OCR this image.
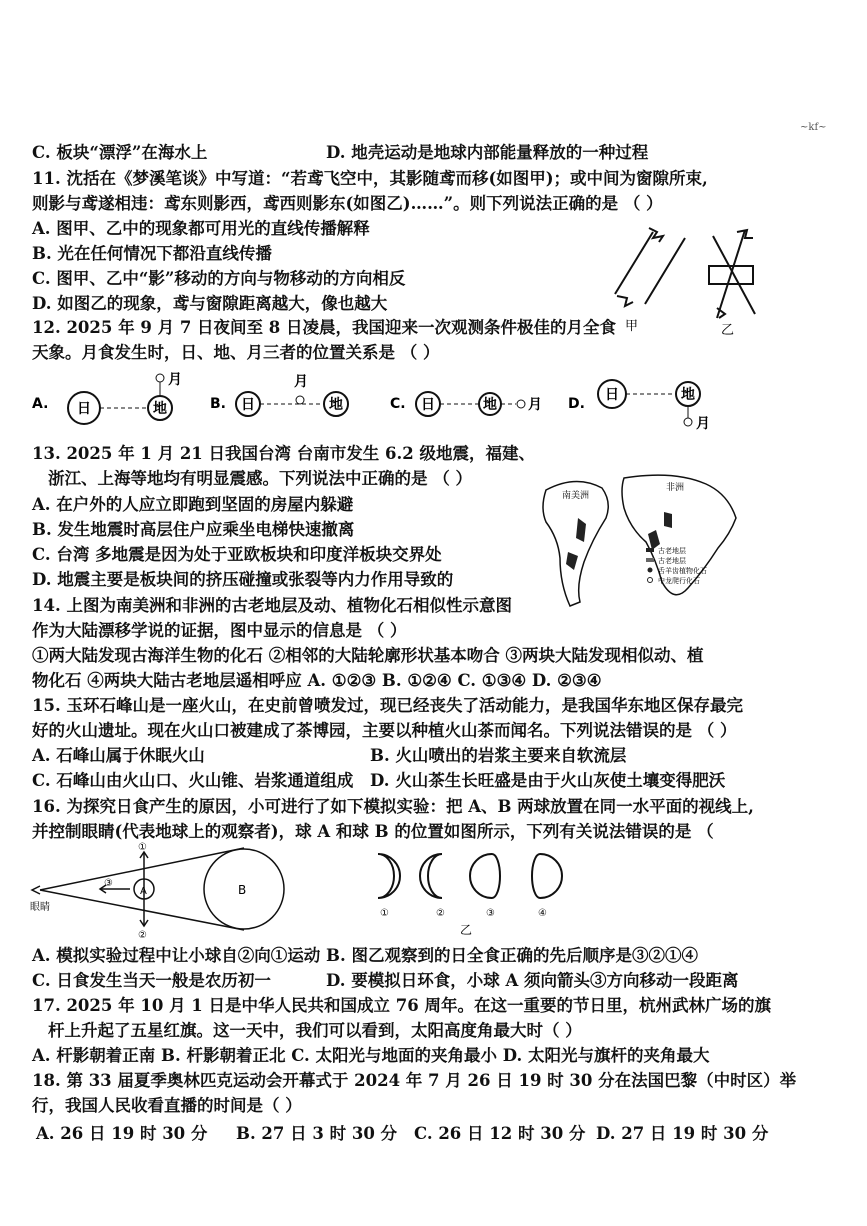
~kf~
C. 板块“漂浮”在海水上	D. 地壳运动是地球内部能量释放的一种过程
11. 沈括在《梦溪笔谈》中写道：“若鸢飞空中，其影随鸢而移(如图甲)；或中间为窗隙所束,
则影与鸢遂相违：鸢东则影西，鸢西则影东(如图乙)……”。则下列说法正确的是 （ ）
A. 图甲、乙中的现象都可用光的直线传播解释
B. 光在任何情况下都沿直线传播
C. 图甲、乙中“影”移动的方向与物移动的方向相反
D. 如图乙的现象，鸢与窗隙距离越大，像也越大
甲	乙
12. 2025 年 9 月 7 日夜间至 8 日凌晨，我国迎来一次观测条件极佳的月全食
天象。月食发生时，日、地、月三者的位置关系是 （ ）
A. 日	地
月
B. 日
月
地	C. 日	地 月 D.
日	地
月
13. 2025 年 1 月 21 日我国台湾 台南市发生 6.2 级地震，福建、
浙江、上海等地均有明显震感。下列说法中正确的是 （ ）
A. 在户外的人应立即跑到坚固的房屋内躲避
B. 发生地震时高层住户应乘坐电梯快速撤离
C. 台湾 多地震是因为处于亚欧板块和印度洋板块交界处
D. 地震主要是板块间的挤压碰撞或张裂等内力作用导致的
南美洲
非洲
古老地层
古老地层
舌羊齿植物化石
中龙爬行化石
14. 上图为南美洲和非洲的古老地层及动、植物化石相似性示意图
作为大陆漂移学说的证据，图中显示的信息是 （ ）
①两大陆发现古海洋生物的化石 ②相邻的大陆轮廓形状基本吻合 ③两块大陆发现相似动、植
物化石 ④两块大陆古老地层遥相呼应 A. ①②③ B. ①②④ C. ①③④ D. ②③④
15. 玉环石峰山是一座火山，在史前曾喷发过，现已经丧失了活动能力，是我国华东地区保存最完
好的火山遗址。现在火山口被建成了茶博园，主要以种植火山茶而闻名。下列说法错误的是 （ ）
A. 石峰山属于休眠火山	B. 火山喷出的岩浆主要来自软流层
C. 石峰山由火山口、火山锥、岩浆通道组成 D. 火山茶生长旺盛是由于火山灰使土壤变得肥沃
16. 为探究日食产生的原因，小可进行了如下模拟实验：把 A、B 两球放置在同一水平面的视线上,
并控制眼睛(代表地球上的观察者)，球 A 和球 B 的位置如图所示，下列有关说法错误的是 （
A	B
①
②
③
眼睛
①	②	③	④
乙
A. 模拟实验过程中让小球自②向①运动 B. 图乙观察到的日全食正确的先后顺序是③②①④
C. 日食发生当天一般是农历初一	D. 要模拟日环食，小球 A 须向箭头③方向移动一段距离
17. 2025 年 10 月 1 日是中华人民共和国成立 76 周年。在这一重要的节日里，杭州武林广场的旗
杆上升起了五星红旗。这一天中，我们可以看到，太阳高度角最大时（ ）
A. 杆影朝着正南 B. 杆影朝着正北 C. 太阳光与地面的夹角最小 D. 太阳光与旗杆的夹角最大
18. 第 33 届夏季奥林匹克运动会开幕式于 2024 年 7 月 26 日 19 时 30 分在法国巴黎（中时区）举
行，我国人民收看直播的时间是（ ）
A. 26 日 19 时 30 分 B. 27 日 3 时 30 分 C. 26 日 12 时 30 分 D. 27 日 19 时 30 分
